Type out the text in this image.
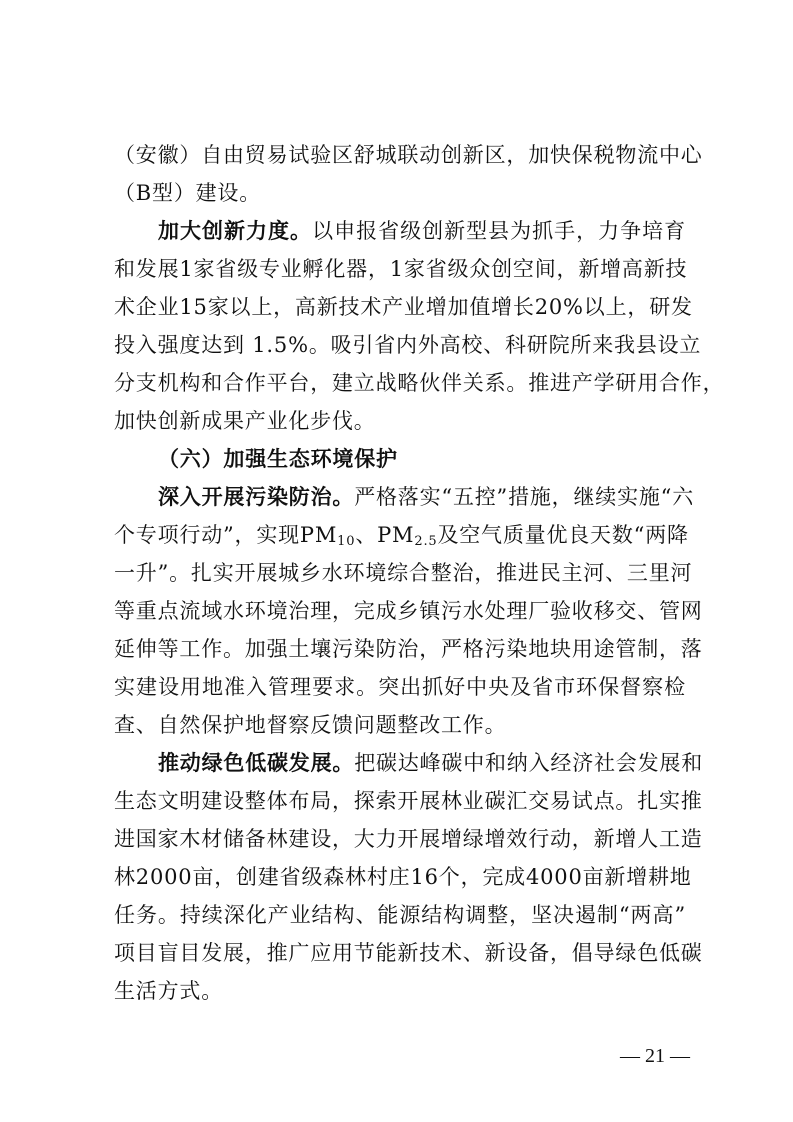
（安徽）自由贸易试验区舒城联动创新区，加快保税物流中心
（B型）建设。
加大创新力度。以申报省级创新型县为抓手，力争培育
和发展1家省级专业孵化器，1家省级众创空间，新增高新技
术企业15家以上，高新技术产业增加值增长20%以上，研发
投入强度达到 1.5%。吸引省内外高校、科研院所来我县设立
分支机构和合作平台，建立战略伙伴关系。推进产学研用合作，
加快创新成果产业化步伐。
（六）加强生态环境保护
深入开展污染防治。严格落实“五控”措施，继续实施“六
个专项行动”，实现$PM_{10}$、$PM_{2.5}$及空气质量优良天数“两降
一升”。扎实开展城乡水环境综合整治，推进民主河、三里河
等重点流域水环境治理，完成乡镇污水处理厂验收移交、管网
延伸等工作。加强土壤污染防治，严格污染地块用途管制，落
实建设用地准入管理要求。突出抓好中央及省市环保督察检
查、自然保护地督察反馈问题整改工作。
推动绿色低碳发展。把碳达峰碳中和纳入经济社会发展和
生态文明建设整体布局，探索开展林业碳汇交易试点。扎实推
进国家木材储备林建设，大力开展增绿增效行动，新增人工造
林2000亩，创建省级森林村庄16个，完成4000亩新增耕地
任务。持续深化产业结构、能源结构调整，坚决遏制“两高”
项目盲目发展，推广应用节能新技术、新设备，倡导绿色低碳
生活方式。
— 21 —
